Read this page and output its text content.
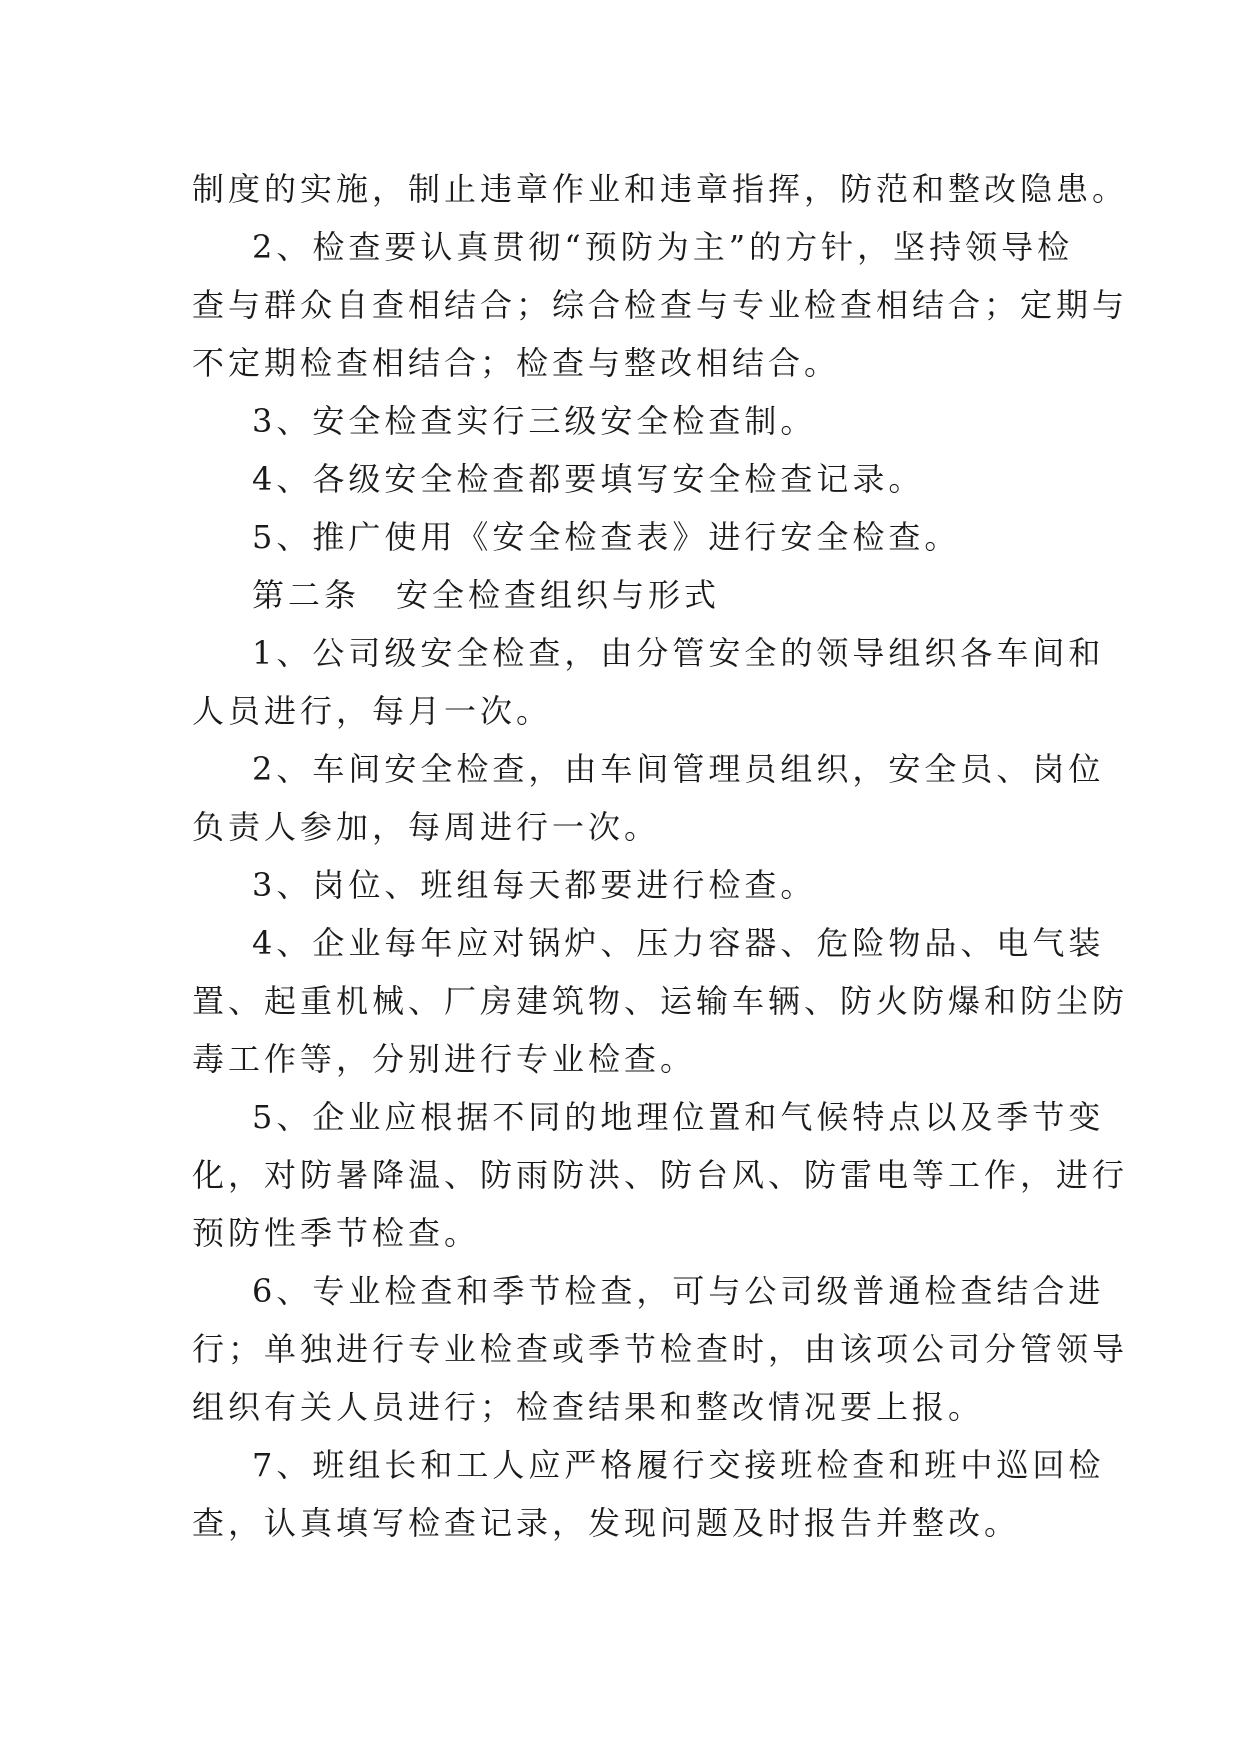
制度的实施，制止违章作业和违章指挥，防范和整改隐患。
2、检查要认真贯彻“预防为主”的方针，坚持领导检
查与群众自查相结合；综合检查与专业检查相结合；定期与
不定期检查相结合；检查与整改相结合。
3、安全检查实行三级安全检查制。
4、各级安全检查都要填写安全检查记录。
5、推广使用《安全检查表》进行安全检查。
第二条　安全检查组织与形式
1、公司级安全检查，由分管安全的领导组织各车间和
人员进行，每月一次。
2、车间安全检查，由车间管理员组织，安全员、岗位
负责人参加，每周进行一次。
3、岗位、班组每天都要进行检查。
4、企业每年应对锅炉、压力容器、危险物品、电气装
置、起重机械、厂房建筑物、运输车辆、防火防爆和防尘防
毒工作等，分别进行专业检查。
5、企业应根据不同的地理位置和气候特点以及季节变
化，对防暑降温、防雨防洪、防台风、防雷电等工作，进行
预防性季节检查。
6、专业检查和季节检查，可与公司级普通检查结合进
行；单独进行专业检查或季节检查时，由该项公司分管领导
组织有关人员进行；检查结果和整改情况要上报。
7、班组长和工人应严格履行交接班检查和班中巡回检
查，认真填写检查记录，发现问题及时报告并整改。
